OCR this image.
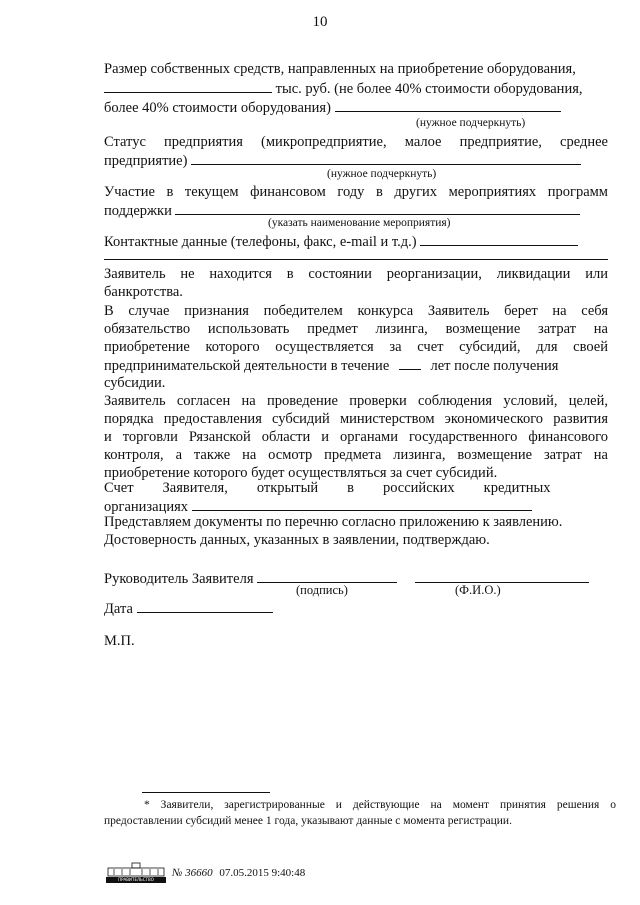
10
Размер собственных средств, направленных на приобретение оборудования,
тыс. руб. (не более 40% стоимости оборудования,
более 40% стоимости оборудования)
(нужное подчеркнуть)
Статус предприятия (микропредприятие, малое предприятие, среднее
предприятие)
(нужное подчеркнуть)
Участие в текущем финансовом году в других мероприятиях программ
поддержки
(указать наименование мероприятия)
Контактные данные (телефоны, факс, e-mail и т.д.)
Заявитель не находится в состоянии реорганизации, ликвидации или
банкротства.
В случае признания победителем конкурса Заявитель берет на себя
обязательство использовать предмет лизинга, возмещение затрат на
приобретение которого осуществляется за счет субсидий, для своей
предпринимательской деятельности в течение	лет после получения
субсидии.
Заявитель согласен на проведение проверки соблюдения условий, целей,
порядка предоставления субсидий министерством экономического развития
и торговли Рязанской области и органами государственного финансового
контроля, а также на осмотр предмета лизинга, возмещение затрат на
приобретение которого будет осуществляться за счет субсидий.
Счет        Заявителя,        открытый        в        российских        кредитных
организациях
Представляем документы по перечню согласно приложению к заявлению.
Достоверность данных, указанных в заявлении, подтверждаю.
Руководитель Заявителя
(подпись)	(Ф.И.О.)
Дата
М.П.
* Заявители, зарегистрированные и действующие на момент принятия решения о
предоставлении субсидий менее 1 года, указывают данные с момента регистрации.
ПРАВИТЕЛЬСТВО
№ 36660 07.05.2015 9:40:48
